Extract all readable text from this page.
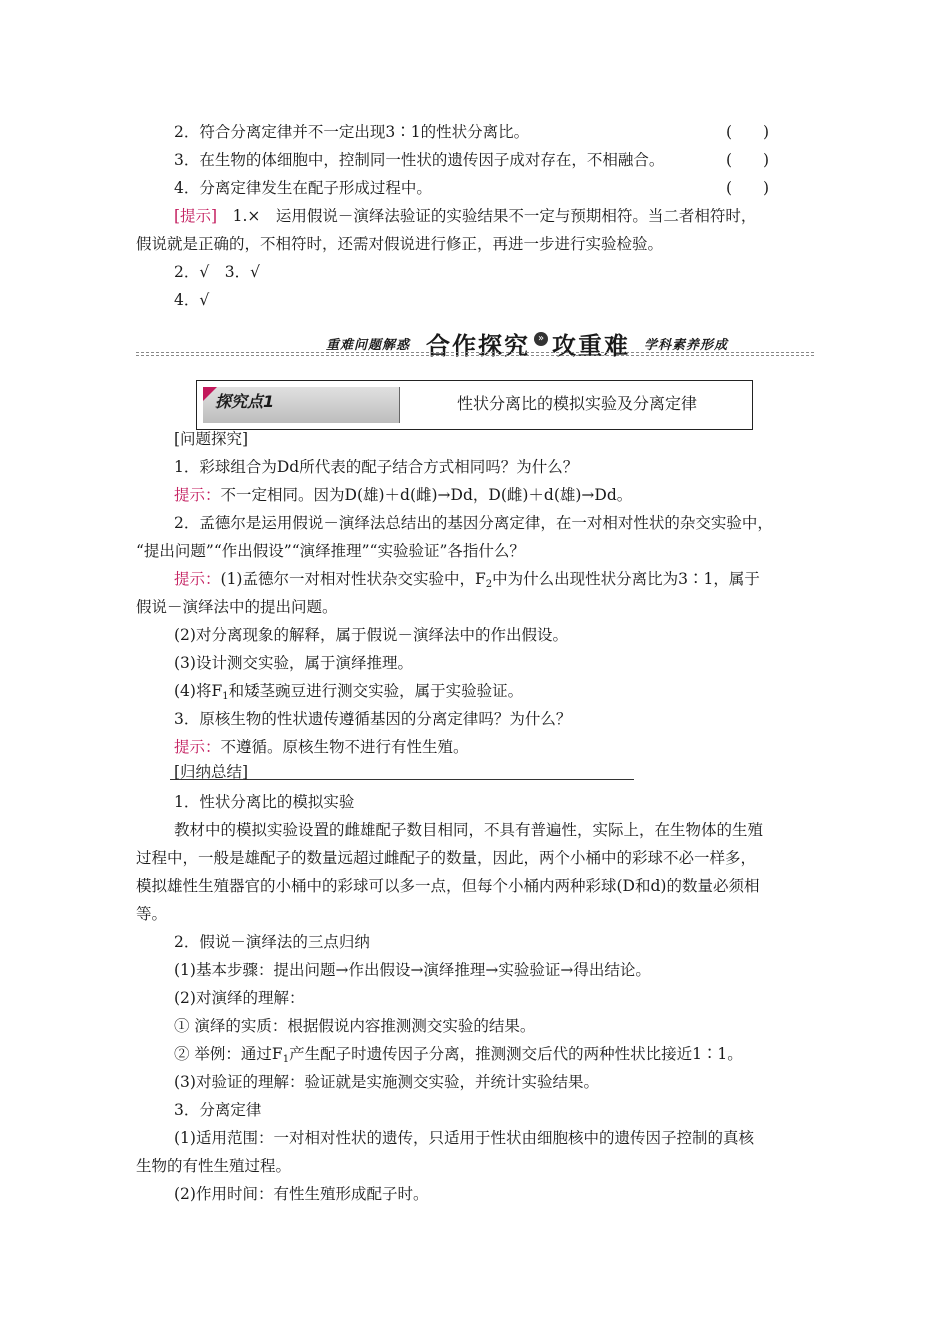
2．符合分离定律并不一定出现3∶1的性状分离比。	(　　)
3．在生物的体细胞中，控制同一性状的遗传因子成对存在，不相融合。	(　　)
4．分离定律发生在配子形成过程中。	(　　)
[提示]　1.×　运用假说－演绎法验证的实验结果不一定与预期相符。当二者相符时，
假说就是正确的，不相符时，还需对假说进行修正，再进一步进行实验检验。
2．√　3．√
4．√
重难问题解惑 合作探究 » 攻重难 学科素养形成
探究点1	性状分离比的模拟实验及分离定律
[问题探究]
1．彩球组合为Dd所代表的配子结合方式相同吗？为什么？
提示：不一定相同。因为D(雄)＋d(雌)→Dd，D(雌)＋d(雄)→Dd。
2．孟德尔是运用假说－演绎法总结出的基因分离定律，在一对相对性状的杂交实验中，
“提出问题”“作出假设”“演绎推理”“实验验证”各指什么？
提示：(1)孟德尔一对相对性状杂交实验中，$F_2$中为什么出现性状分离比为3∶1，属于
假说－演绎法中的提出问题。
(2)对分离现象的解释，属于假说－演绎法中的作出假设。
(3)设计测交实验，属于演绎推理。
(4)将$F_1$和矮茎豌豆进行测交实验，属于实验验证。
3．原核生物的性状遗传遵循基因的分离定律吗？为什么？
提示：不遵循。原核生物不进行有性生殖。
[归纳总结]
1．性状分离比的模拟实验
教材中的模拟实验设置的雌雄配子数目相同，不具有普遍性，实际上，在生物体的生殖
过程中，一般是雄配子的数量远超过雌配子的数量，因此，两个小桶中的彩球不必一样多，
模拟雄性生殖器官的小桶中的彩球可以多一点，但每个小桶内两种彩球(D和d)的数量必须相
等。
2．假说－演绎法的三点归纳
(1)基本步骤：提出问题→作出假设→演绎推理→实验验证→得出结论。
(2)对演绎的理解：
① 演绎的实质：根据假说内容推测测交实验的结果。
② 举例：通过$F_1$产生配子时遗传因子分离，推测测交后代的两种性状比接近1∶1。
(3)对验证的理解：验证就是实施测交实验，并统计实验结果。
3．分离定律
(1)适用范围：一对相对性状的遗传，只适用于性状由细胞核中的遗传因子控制的真核
生物的有性生殖过程。
(2)作用时间：有性生殖形成配子时。
